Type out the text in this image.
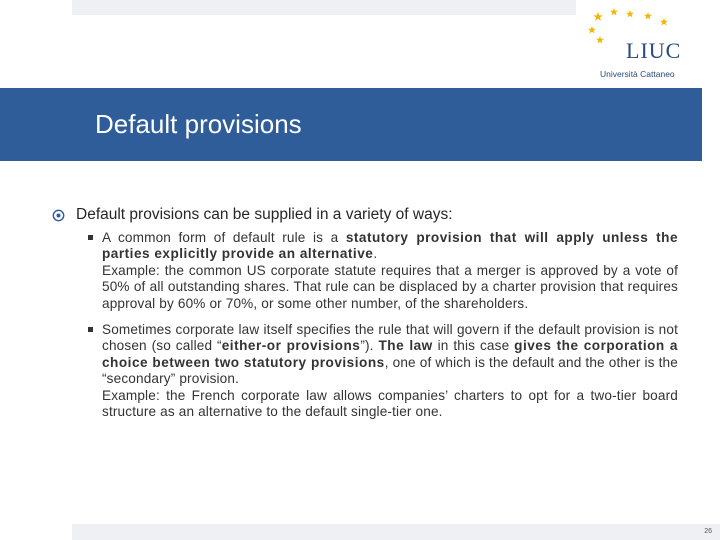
LIUC
Università Cattaneo
Default provisions
Default provisions can be supplied in a variety of ways:

A common form of default rule is a statutory provision that will apply unless the parties explicitly provide an alternative.

Example: the common US corporate statute requires that a merger is approved by a vote of 50% of all outstanding shares. That rule can be displaced by a charter provision that requires approval by 60% or 70%, or some other number, of the shareholders.

Sometimes corporate law itself specifies the rule that will govern if the default provision is not chosen (so called “either-or provisions”). The law in this case gives the corporation a choice between two statutory provisions, one of which is the default and the other is the “secondary” provision.

Example: the French corporate law allows companies’ charters to opt for a two-tier board structure as an alternative to the default single-tier one.

26
